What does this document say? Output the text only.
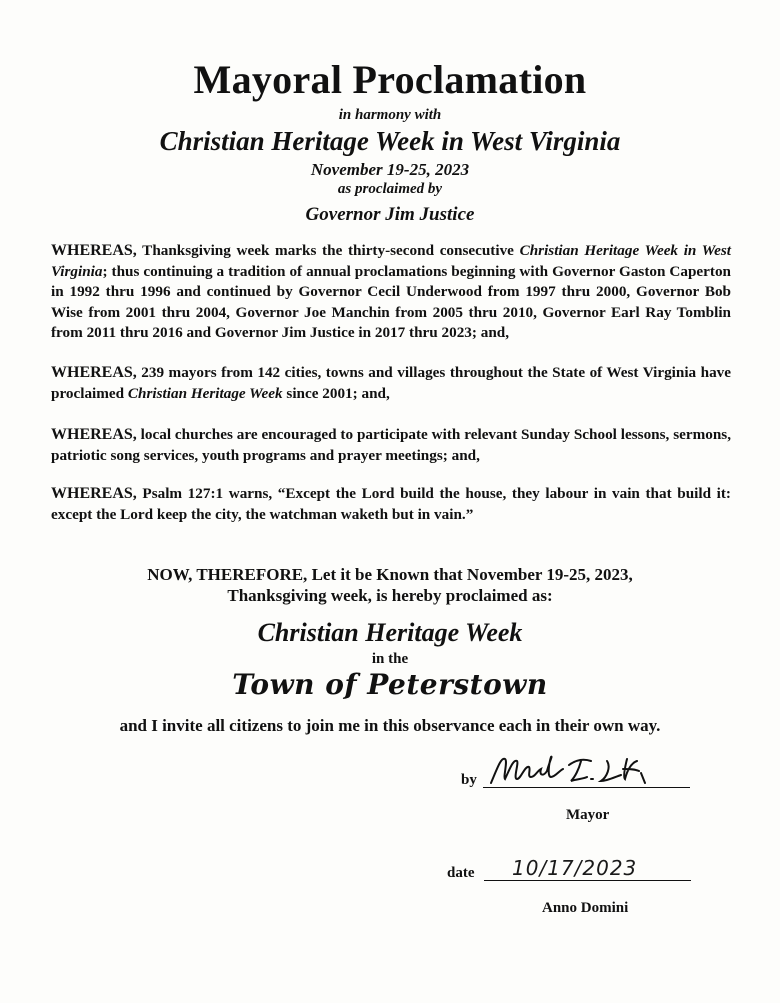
Mayoral Proclamation
in harmony with
Christian Heritage Week in West Virginia
November 19-25, 2023
as proclaimed by
Governor Jim Justice
WHEREAS, Thanksgiving week marks the thirty-second consecutive Christian Heritage Week in West Virginia; thus continuing a tradition of annual proclamations beginning with Governor Gaston Caperton in 1992 thru 1996 and continued by Governor Cecil Underwood from 1997 thru 2000, Governor Bob Wise from 2001 thru 2004, Governor Joe Manchin from 2005 thru 2010, Governor Earl Ray Tomblin from 2011 thru 2016 and Governor Jim Justice in 2017 thru 2023; and,
WHEREAS, 239 mayors from 142 cities, towns and villages throughout the State of West Virginia have proclaimed Christian Heritage Week since 2001; and,
WHEREAS, local churches are encouraged to participate with relevant Sunday School lessons, sermons, patriotic song services, youth programs and prayer meetings; and,
WHEREAS, Psalm 127:1 warns, “Except the Lord build the house, they labour in vain that build it: except the Lord keep the city, the watchman waketh but in vain.”
NOW, THEREFORE, Let it be Known that November 19-25, 2023,
Thanksgiving week, is hereby proclaimed as:
Christian Heritage Week
in the
Town of Peterstown
and I invite all citizens to join me in this observance each in their own way.
by
Mayor
date 10/17/2023
Anno Domini
